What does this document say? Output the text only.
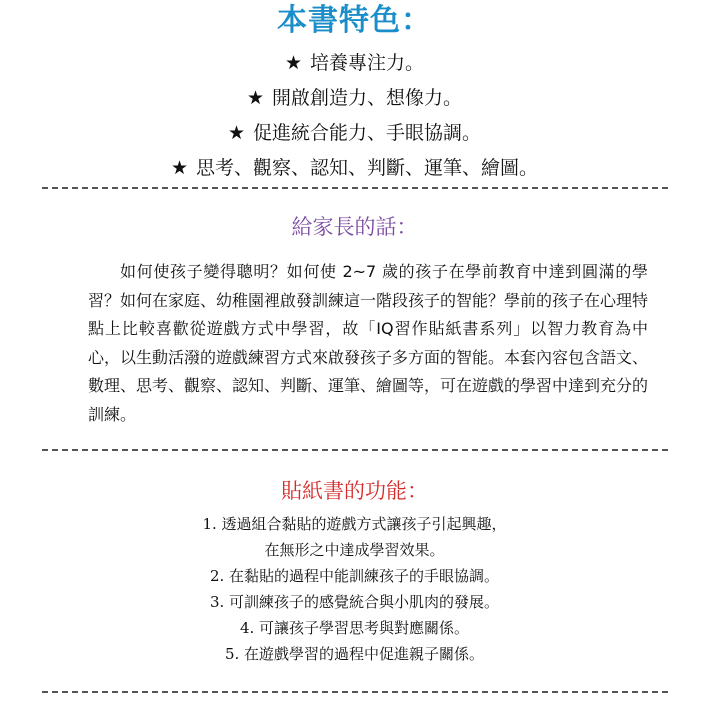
本書特色：
★ 培養專注力。
★ 開啟創造力、想像力。
★ 促進統合能力、手眼協調。
★ 思考、觀察、認知、判斷、運筆、繪圖。
給家長的話：

如何使孩子變得聰明？如何使 2~7 歲的孩子在學前教育中達到圓滿的學習？如何在家庭、幼稚園裡啟發訓練這一階段孩子的智能？學前的孩子在心理特點上比較喜歡從遊戲方式中學習，故「IQ習作貼紙書系列」以智力教育為中心，以生動活潑的遊戲練習方式來啟發孩子多方面的智能。本套內容包含語文、數理、思考、觀察、認知、判斷、運筆、繪圖等，可在遊戲的學習中達到充分的訓練。

貼紙書的功能：
1. 透過組合黏貼的遊戲方式讓孩子引起興趣，
在無形之中達成學習效果。
2. 在黏貼的過程中能訓練孩子的手眼協調。
3. 可訓練孩子的感覺統合與小肌肉的發展。
4. 可讓孩子學習思考與對應關係。
5. 在遊戲學習的過程中促進親子關係。
